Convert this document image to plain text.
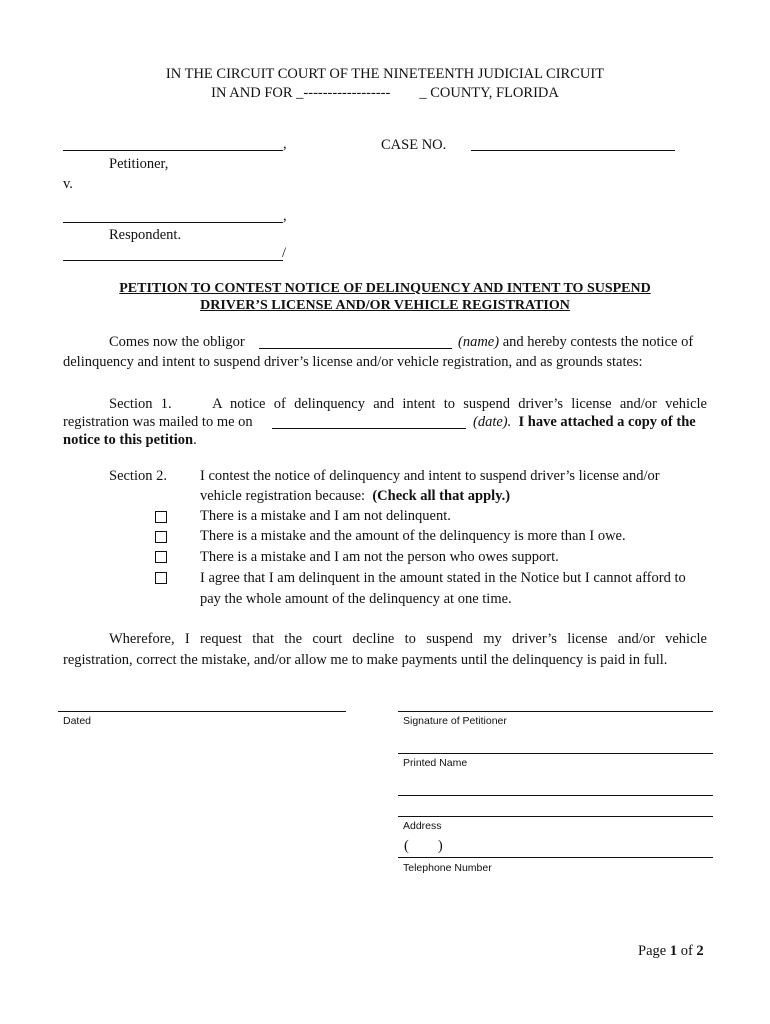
IN THE CIRCUIT COURT OF THE NINETEENTH JUDICIAL CIRCUIT
IN AND FOR _------------------ _ COUNTY, FLORIDA
,
Petitioner,
v.
CASE NO.
,
Respondent.
/
PETITION TO CONTEST NOTICE OF DELINQUENCY AND INTENT TO SUSPEND
DRIVER’S LICENSE AND/OR VEHICLE REGISTRATION
Comes now the obligor	(name) and hereby contests the notice of
delinquency and intent to suspend driver’s license and/or vehicle registration, and as grounds states:
Section 1.     A notice of delinquency and intent to suspend driver’s license and/or vehicle
registration was mailed to me on	(date). I have attached a copy of the
notice to this petition.
Section 2. I contest the notice of delinquency and intent to suspend driver’s license and/or
vehicle registration because: (Check all that apply.)
There is a mistake and I am not delinquent.
There is a mistake and the amount of the delinquency is more than I owe.
There is a mistake and I am not the person who owes support.
I agree that I am delinquent in the amount stated in the Notice but I cannot afford to
pay the whole amount of the delinquency at one time.
Wherefore, I request that the court decline to suspend my driver’s license and/or vehicle
registration, correct the mistake, and/or allow me to make payments until the delinquency is paid in full.
Dated	Signature of Petitioner
Printed Name
Address
(        )
Telephone Number
Page 1 of 2
